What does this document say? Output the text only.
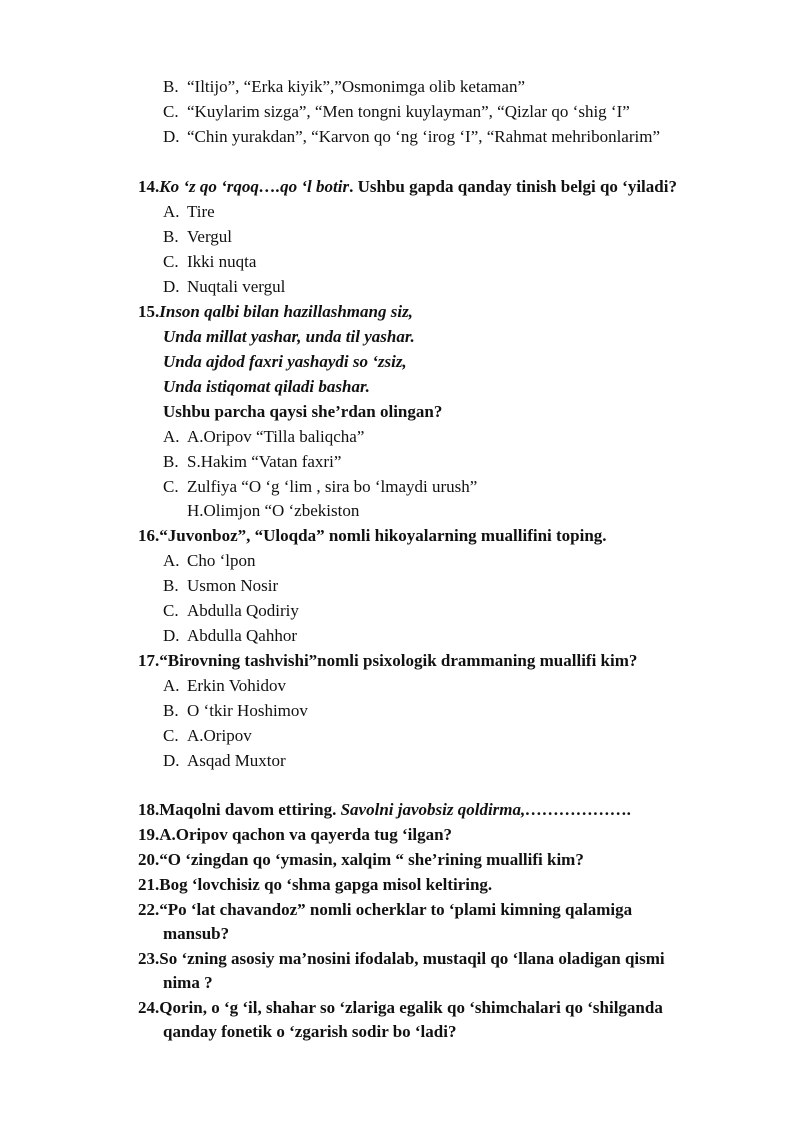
B. “Iltijo”, “Erka kiyik”,”Osmonimga olib ketaman”
C. “Kuylarim sizga”, “Men tongni kuylayman”, “Qizlar qo ‘shig ‘I”
D. “Chin yurakdan”, “Karvon qo ‘ng ‘irog ‘I”, “Rahmat mehribonlarim”
14.Ko ‘z qo ‘rqoq….qo ‘l botir. Ushbu gapda qanday tinish belgi qo ‘yiladi?
A. Tire
B. Vergul
C. Ikki nuqta
D. Nuqtali vergul
15.Inson qalbi bilan hazillashmang siz,
Unda millat yashar, unda til yashar.
Unda ajdod faxri yashaydi so ‘zsiz,
Unda istiqomat qiladi bashar.
Ushbu parcha qaysi she’rdan olingan?
A. A.Oripov “Tilla baliqcha”
B. S.Hakim “Vatan faxri”
C. Zulfiya “O ‘g ‘lim , sira bo ‘lmaydi urush”
H.Olimjon “O ‘zbekiston
16.“Juvonboz”, “Uloqda” nomli hikoyalarning muallifini toping.
A. Cho ‘lpon
B. Usmon Nosir
C. Abdulla Qodiriy
D. Abdulla Qahhor
17.“Birovning tashvishi”nomli psixologik drammaning muallifi kim?
A. Erkin Vohidov
B. O ‘tkir Hoshimov
C. A.Oripov
D. Asqad Muxtor
18.Maqolni davom ettiring. Savolni javobsiz qoldirma,……………….
19.A.Oripov qachon va qayerda tug ‘ilgan?
20.“O ‘zingdan qo ‘ymasin, xalqim “ she’rining muallifi kim?
21.Bog ‘lovchisiz qo ‘shma gapga misol keltiring.
22.“Po ‘lat chavandoz” nomli ocherklar to ‘plami kimning qalamiga
mansub?
23.So ‘zning asosiy ma’nosini ifodalab, mustaqil qo ‘llana oladigan qismi
nima ?
24.Qorin, o ‘g ‘il, shahar so ‘zlariga egalik qo ‘shimchalari qo ‘shilganda
qanday fonetik o ‘zgarish sodir bo ‘ladi?
